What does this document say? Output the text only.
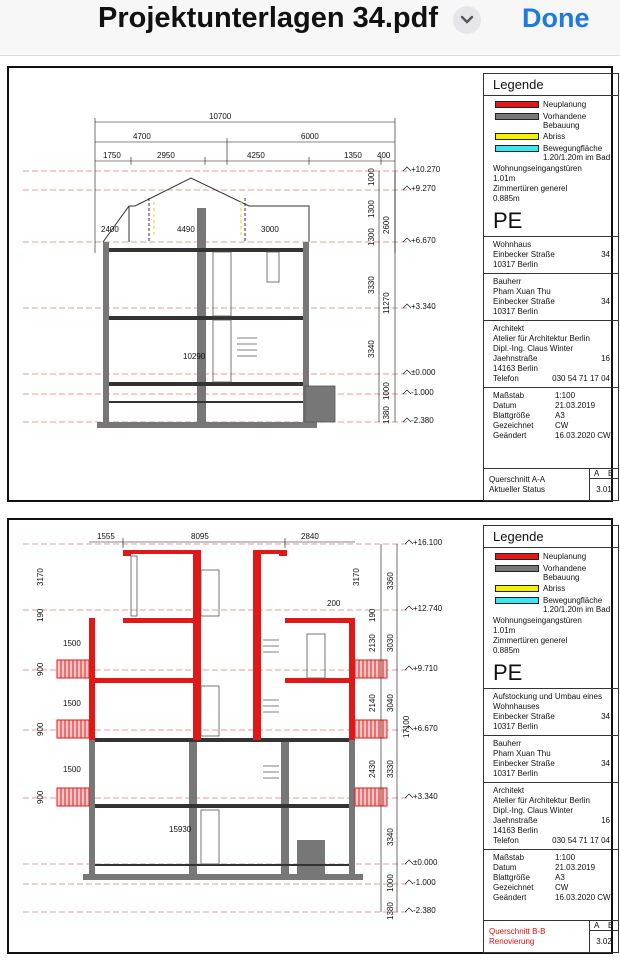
Projektunterlagen 34.pdf	Done
+10.270
+9.270
+6.670
+3.340
±0.000
-1.000
-2.380
10700
4700	6000
1750	2950	4250	1350 400
2400	4490	3000
10290
1000
1300
1300
2600
3330
11270
3340
1000
1380
Legende
Neuplanung
Vorhandene Bebauung
Abriss
Bewegungfläche 1.20/1.20m im Bad
Wohnungseingangstüren
1.01m
Zimmertüren generel
0.885m
PE
Wohnhaus
Einbecker Straße	34
10317 Berlin
Bauherr
Pham Xuan Thu
Einbecker Straße	34
10317 Berlin
Architekt
Atelier für Architektur Berlin
Dipl.-Ing. Claus Winter
Jaehnstraße	16
14163 Berlin
Telefon	030 54 71 17 04
Maßstab	1:100
Datum	21.03.2019
Blattgröße	A3
Gezeichnet	CW
Geändert	16.03.2020 CW
Querschnitt A-A
Aktueller Status
A B
3.01
+16.100
+12.740
+9.710
+6.670
+3.340
±0.000
-1.000
-2.380
1555	8095	2840
3170
190
1500
900
1500
900
1500
900
15930
3170
200
3360
190
2130 3030
2140 3040
17100
2430 3330
3340
1000
1380
Legende
Neuplanung
Vorhandene Bebauung
Abriss
Bewegungfläche 1.20/1.20m im Bad
Wohnungseingangstüren
1.01m
Zimmertüren generel
0.885m
PE
Aufstockung und Umbau eines
Wohnhauses
Einbecker Straße	34
10317 Berlin
Bauherr
Pham Xuan Thu
Einbecker Straße	34
10317 Berlin
Architekt
Atelier für Architektur Berlin
Dipl.-Ing. Claus Winter
Jaehnstraße	16
14163 Berlin
Telefon	030 54 71 17 04
Maßstab	1:100
Datum	21.03.2019
Blattgröße	A3
Gezeichnet	CW
Geändert	16.03.2020 CW
Querschnitt B-B
Renovierung
A B
3.02
